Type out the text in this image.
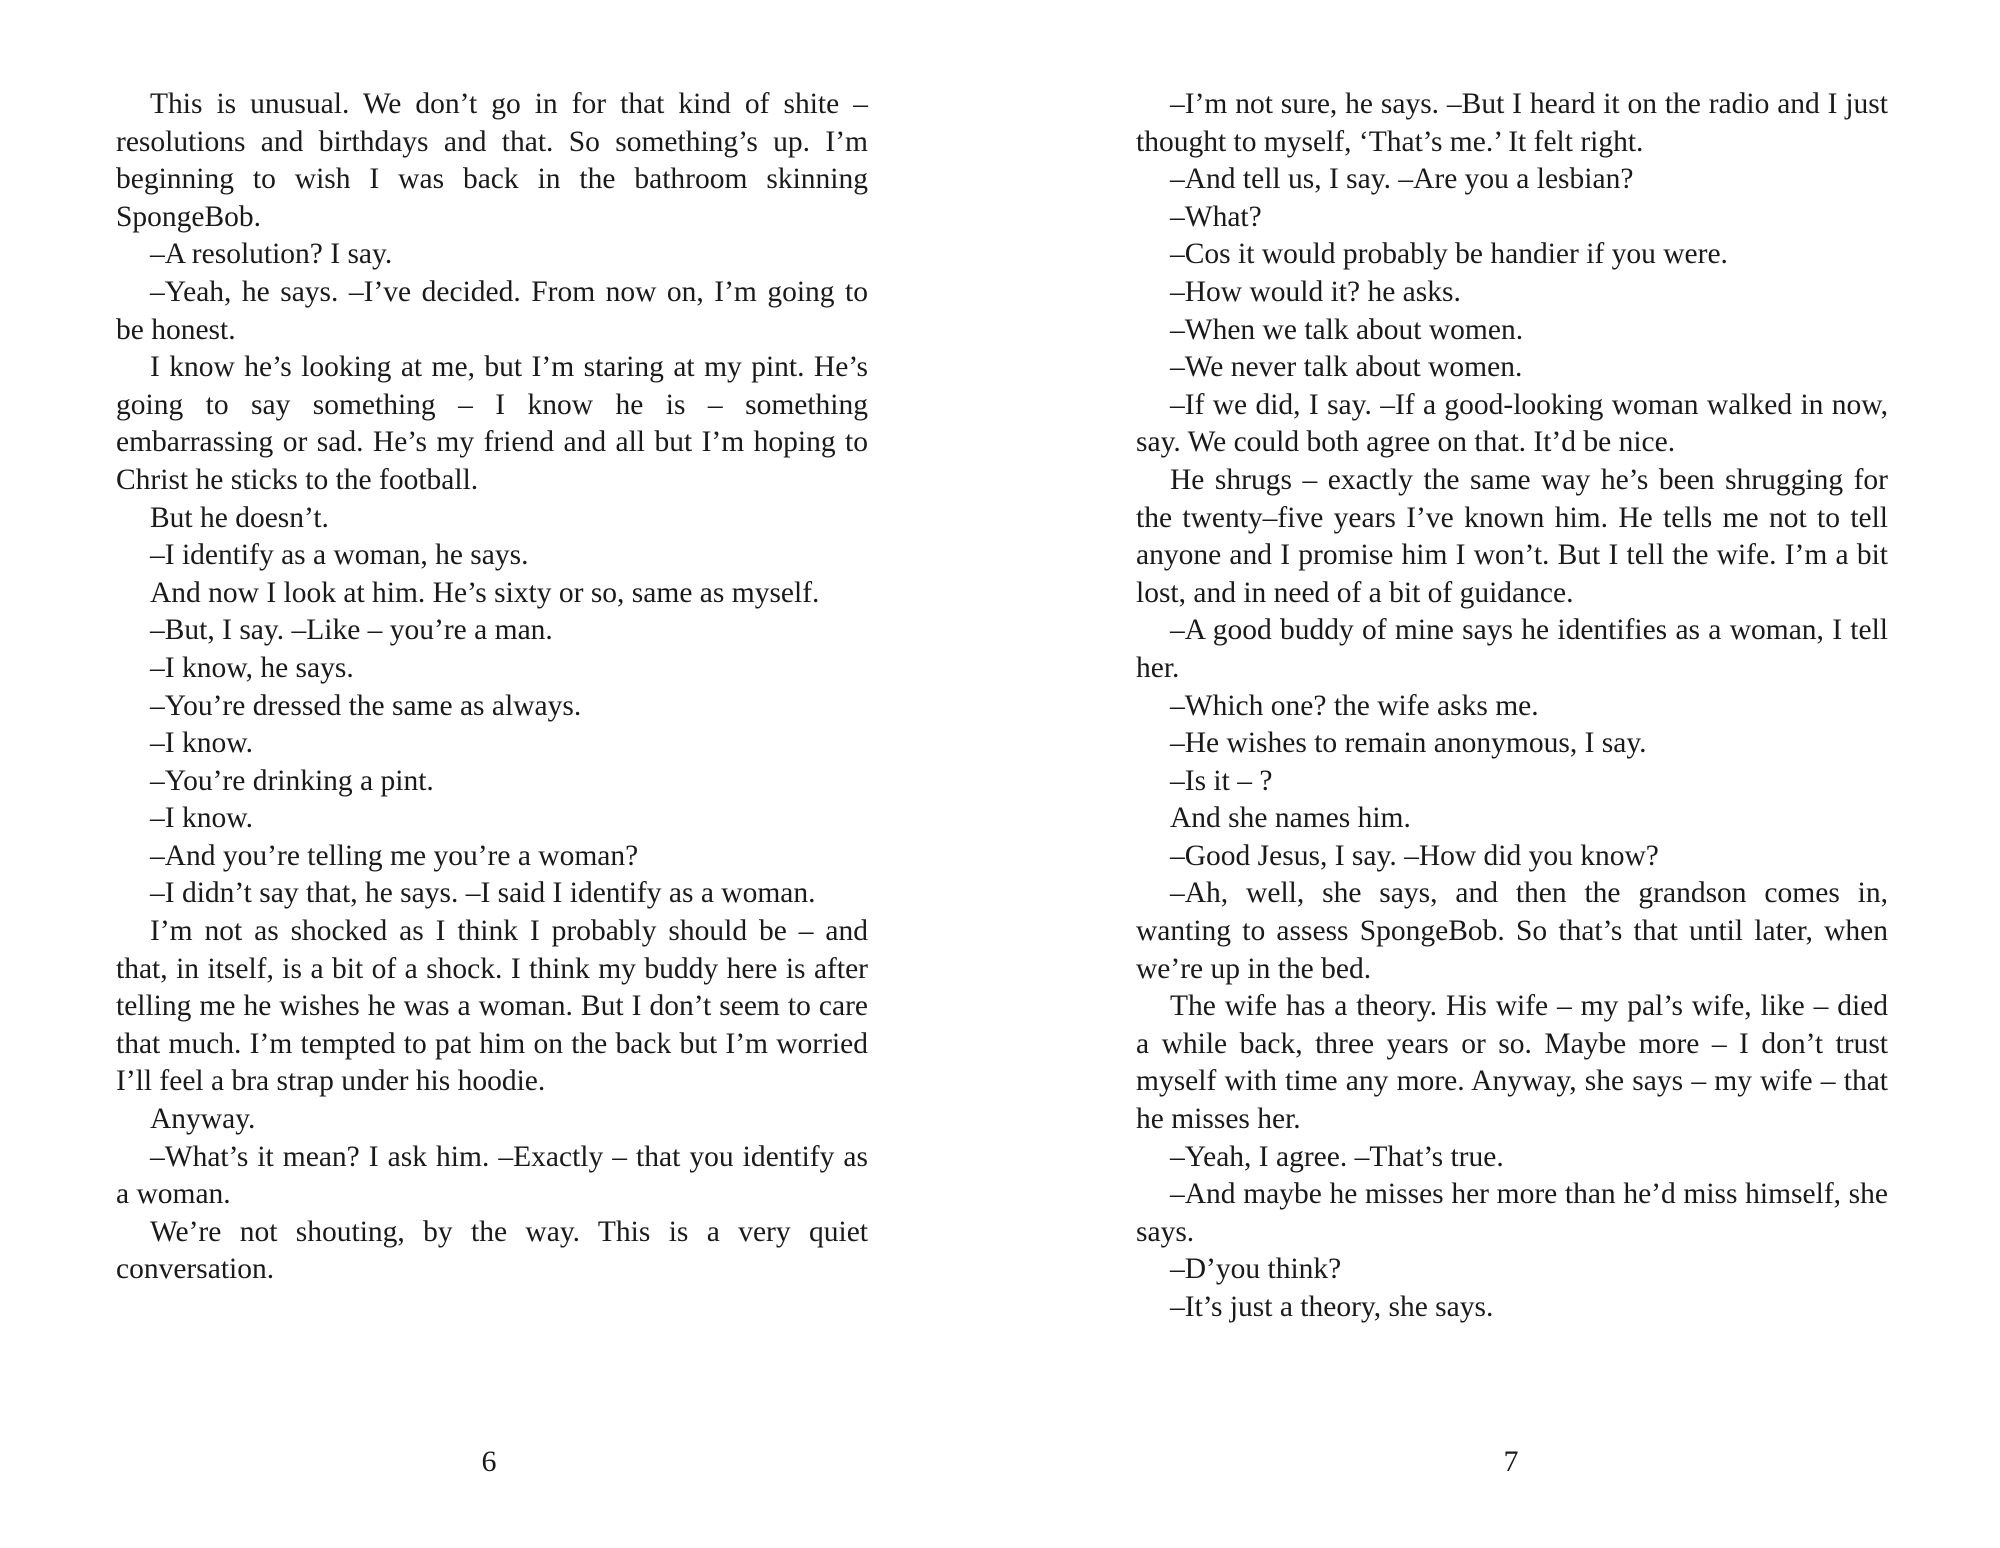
This is unusual. We don’t go in for that kind of shite – resolutions and birthdays and that. So something’s up. I’m beginning to wish I was back in the bathroom skinning SpongeBob.

–A resolution? I say.

–Yeah, he says. –I’ve decided. From now on, I’m going to be honest.

I know he’s looking at me, but I’m staring at my pint. He’s going to say something – I know he is – something embarrassing or sad. He’s my friend and all but I’m hoping to Christ he sticks to the football.

But he doesn’t.

–I identify as a woman, he says.

And now I look at him. He’s sixty or so, same as myself.

–But, I say. –Like – you’re a man.

–I know, he says.

–You’re dressed the same as always.

–I know.

–You’re drinking a pint.

–I know.

–And you’re telling me you’re a woman?

–I didn’t say that, he says. –I said I identify as a woman.

I’m not as shocked as I think I probably should be – and that, in itself, is a bit of a shock. I think my buddy here is after telling me he wishes he was a woman. But I don’t seem to care that much. I’m tempted to pat him on the back but I’m worried I’ll feel a bra strap under his hoodie.

Anyway.

–What’s it mean? I ask him. –Exactly – that you identify as a woman.

We’re not shouting, by the way. This is a very quiet conversation.

6

–I’m not sure, he says. –But I heard it on the radio and I just thought to myself, ‘That’s me.’ It felt right.

–And tell us, I say. –Are you a lesbian?

–What?

–Cos it would probably be handier if you were.

–How would it? he asks.

–When we talk about women.

–We never talk about women.

–If we did, I say. –If a good-looking woman walked in now, say. We could both agree on that. It’d be nice.

He shrugs – exactly the same way he’s been shrugging for the twenty–five years I’ve known him. He tells me not to tell anyone and I promise him I won’t. But I tell the wife. I’m a bit lost, and in need of a bit of guidance.

–A good buddy of mine says he identifies as a woman, I tell her.

–Which one? the wife asks me.

–He wishes to remain anonymous, I say.

–Is it – ?

And she names him.

–Good Jesus, I say. –How did you know?

–Ah, well, she says, and then the grandson comes in, wanting to assess SpongeBob. So that’s that until later, when we’re up in the bed.

The wife has a theory. His wife – my pal’s wife, like – died a while back, three years or so. Maybe more – I don’t trust myself with time any more. Anyway, she says – my wife – that he misses her.

–Yeah, I agree. –That’s true.

–And maybe he misses her more than he’d miss himself, she says.

–D’you think?

–It’s just a theory, she says.

7
